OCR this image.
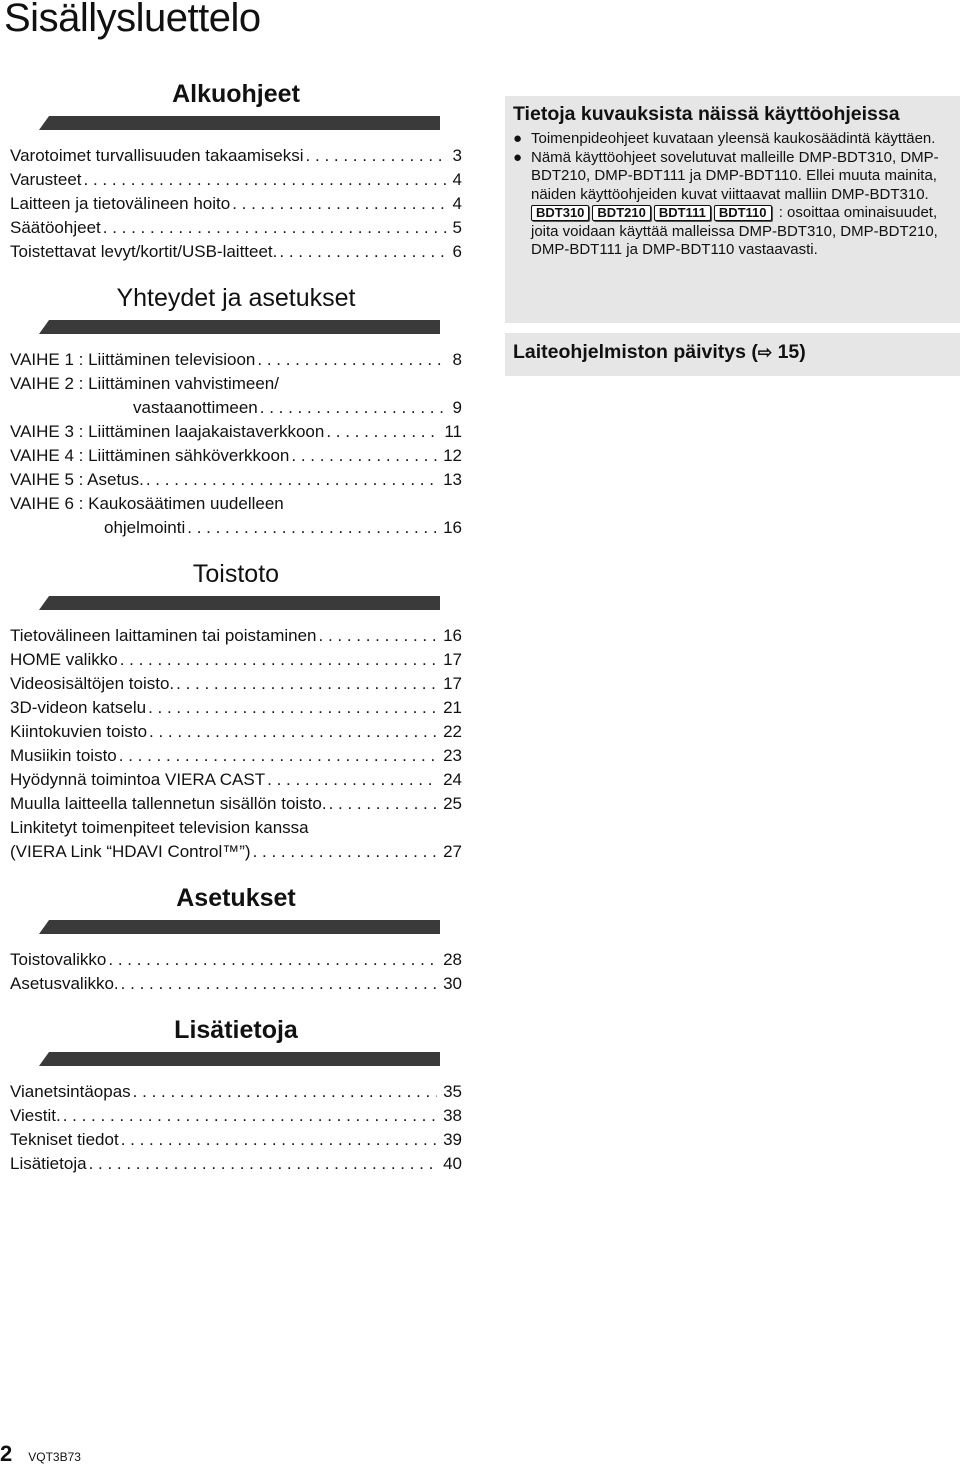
Sisällysluettelo
Alkuohjeet
Varotoimet turvallisuuden takaamiseksi . . .	3
Varusteet . . .	4
Laitteen ja tietovälineen hoito . . .	4
Säätöohjeet . . .	5
Toistettavat levyt/kortit/USB-laitteet. . . .	6
Yhteydet ja asetukset
VAIHE 1 : Liittäminen televisioon . . .	8
VAIHE 2 : Liittäminen vahvistimeen/
vastaanottimeen . . .	9
VAIHE 3 : Liittäminen laajakaistaverkkoon . . .	11
VAIHE 4 : Liittäminen sähköverkkoon . . .	12
VAIHE 5 : Asetus. . . .	13
VAIHE 6 : Kaukosäätimen uudelleen
ohjelmointi . . .	16
Toistoto
Tietovälineen laittaminen tai poistaminen . . .	16
HOME valikko . . .	17
Videosisältöjen toisto. . . .	17
3D-videon katselu . . .	21
Kiintokuvien toisto . . .	22
Musiikin toisto . . .	23
Hyödynnä toimintoa VIERA CAST . . .	24
Muulla laitteella tallennetun sisällön toisto. . . .	25
Linkitetyt toimenpiteet television kanssa
(VIERA Link “HDAVI Control™”) . . .	27
Asetukset
Toistovalikko . . .	28
Asetusvalikko. . . .	30
Lisätietoja
Vianetsintäopas . . .	35
Viestit. . . .	38
Tekniset tiedot . . .	39
Lisätietoja . . .	40
Tietoja kuvauksista näissä käyttöohjeissa
● Toimenpideohjeet kuvataan yleensä kaukosäädintä käyttäen.
● Nämä käyttöohjeet sovelutuvat malleille DMP-BDT310, DMP-BDT210, DMP-BDT111 ja DMP-BDT110. Ellei muuta mainita, näiden käyttöohjeiden kuvat viittaavat malliin DMP-BDT310.
BDT310 BDT210 BDT111 BDT110 : osoittaa ominaisuudet, joita voidaan käyttää malleissa DMP-BDT310, DMP-BDT210, DMP-BDT111 ja DMP-BDT110 vastaavasti.
Laiteohjelmiston päivitys (⇨ 15)
2 VQT3B73
